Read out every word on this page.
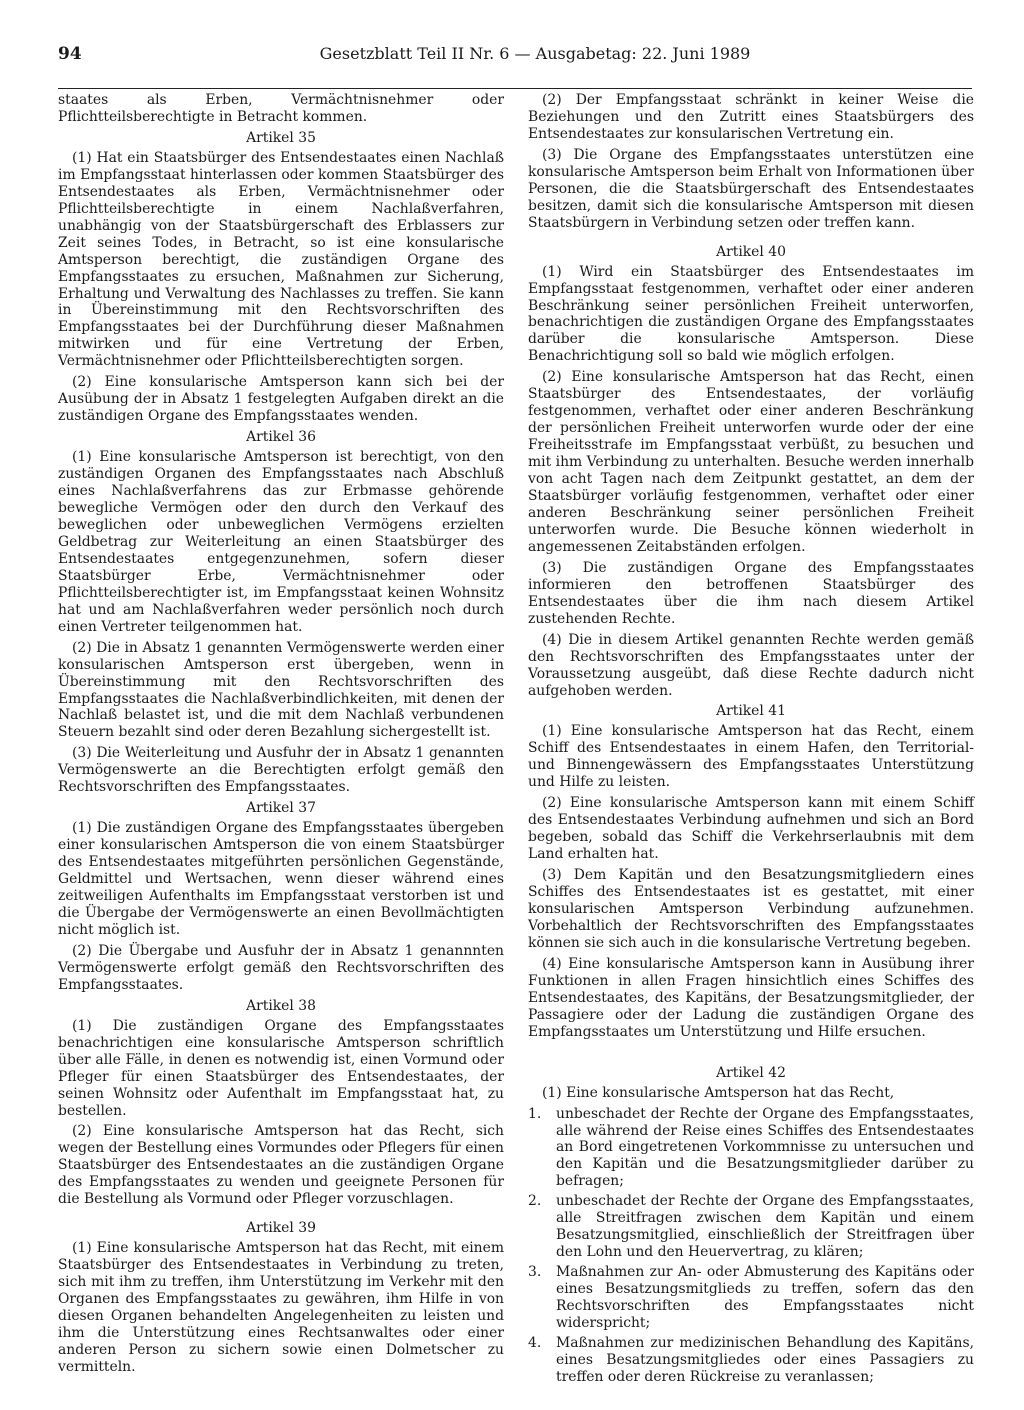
94	Gesetzblatt Teil II Nr. 6 — Ausgabetag: 22. Juni 1989

staates als Erben, Vermächtnisnehmer oder Pflichtteilsberechtigte in Betracht kommen.

Artikel 35

(1) Hat ein Staatsbürger des Entsendestaates einen Nachlaß im Empfangsstaat hinterlassen oder kommen Staatsbürger des Entsendestaates als Erben, Vermächtnisnehmer oder Pflichtteilsberechtigte in einem Nachlaßverfahren, unabhängig von der Staatsbürgerschaft des Erblassers zur Zeit seines Todes, in Betracht, so ist eine konsularische Amtsperson berechtigt, die zuständigen Organe des Empfangsstaates zu ersuchen, Maßnahmen zur Sicherung, Erhaltung und Verwaltung des Nachlasses zu treffen. Sie kann in Übereinstimmung mit den Rechtsvorschriften des Empfangsstaates bei der Durchführung dieser Maßnahmen mitwirken und für eine Vertretung der Erben, Vermächtnisnehmer oder Pflichtteilsberechtigten sorgen.

(2) Eine konsularische Amtsperson kann sich bei der Ausübung der in Absatz 1 festgelegten Aufgaben direkt an die zuständigen Organe des Empfangsstaates wenden.

Artikel 36

(1) Eine konsularische Amtsperson ist berechtigt, von den zuständigen Organen des Empfangsstaates nach Abschluß eines Nachlaßverfahrens das zur Erbmasse gehörende bewegliche Vermögen oder den durch den Verkauf des beweglichen oder unbeweglichen Vermögens erzielten Geldbetrag zur Weiterleitung an einen Staatsbürger des Entsendestaates entgegenzunehmen, sofern dieser Staatsbürger Erbe, Vermächtnisnehmer oder Pflichtteilsberechtigter ist, im Empfangsstaat keinen Wohnsitz hat und am Nachlaßverfahren weder persönlich noch durch einen Vertreter teilgenommen hat.

(2) Die in Absatz 1 genannten Vermögenswerte werden einer konsularischen Amtsperson erst übergeben, wenn in Übereinstimmung mit den Rechtsvorschriften des Empfangsstaates die Nachlaßverbindlichkeiten, mit denen der Nachlaß belastet ist, und die mit dem Nachlaß verbundenen Steuern bezahlt sind oder deren Bezahlung sichergestellt ist.

(3) Die Weiterleitung und Ausfuhr der in Absatz 1 genannten Vermögenswerte an die Berechtigten erfolgt gemäß den Rechtsvorschriften des Empfangsstaates.

Artikel 37

(1) Die zuständigen Organe des Empfangsstaates übergeben einer konsularischen Amtsperson die von einem Staatsbürger des Entsendestaates mitgeführten persönlichen Gegenstände, Geldmittel und Wertsachen, wenn dieser während eines zeitweiligen Aufenthalts im Empfangsstaat verstorben ist und die Übergabe der Vermögenswerte an einen Bevollmächtigten nicht möglich ist.

(2) Die Übergabe und Ausfuhr der in Absatz 1 genannnten Vermögenswerte erfolgt gemäß den Rechtsvorschriften des Empfangsstaates.

Artikel 38

(1) Die zuständigen Organe des Empfangsstaates benachrichtigen eine konsularische Amtsperson schriftlich über alle Fälle, in denen es notwendig ist, einen Vormund oder Pfleger für einen Staatsbürger des Entsendestaates, der seinen Wohnsitz oder Aufenthalt im Empfangsstaat hat, zu bestellen.

(2) Eine konsularische Amtsperson hat das Recht, sich wegen der Bestellung eines Vormundes oder Pflegers für einen Staatsbürger des Entsendestaates an die zuständigen Organe des Empfangsstaates zu wenden und geeignete Personen für die Bestellung als Vormund oder Pfleger vorzuschlagen.

Artikel 39

(1) Eine konsularische Amtsperson hat das Recht, mit einem Staatsbürger des Entsendestaates in Verbindung zu treten, sich mit ihm zu treffen, ihm Unterstützung im Verkehr mit den Organen des Empfangsstaates zu gewähren, ihm Hilfe in von diesen Organen behandelten Angelegenheiten zu leisten und ihm die Unterstützung eines Rechtsanwaltes oder einer anderen Person zu sichern sowie einen Dolmetscher zu vermitteln.

(2) Der Empfangsstaat schränkt in keiner Weise die Beziehungen und den Zutritt eines Staatsbürgers des Entsendestaates zur konsularischen Vertretung ein.

(3) Die Organe des Empfangsstaates unterstützen eine konsularische Amtsperson beim Erhalt von Informationen über Personen, die die Staatsbürgerschaft des Entsendestaates besitzen, damit sich die konsularische Amtsperson mit diesen Staatsbürgern in Verbindung setzen oder treffen kann.

Artikel 40

(1) Wird ein Staatsbürger des Entsendestaates im Empfangsstaat festgenommen, verhaftet oder einer anderen Beschränkung seiner persönlichen Freiheit unterworfen, benachrichtigen die zuständigen Organe des Empfangsstaates darüber die konsularische Amtsperson. Diese Benachrichtigung soll so bald wie möglich erfolgen.

(2) Eine konsularische Amtsperson hat das Recht, einen Staatsbürger des Entsendestaates, der vorläufig festgenommen, verhaftet oder einer anderen Beschränkung der persönlichen Freiheit unterworfen wurde oder der eine Freiheitsstrafe im Empfangsstaat verbüßt, zu besuchen und mit ihm Verbindung zu unterhalten. Besuche werden innerhalb von acht Tagen nach dem Zeitpunkt gestattet, an dem der Staatsbürger vorläufig festgenommen, verhaftet oder einer anderen Beschränkung seiner persönlichen Freiheit unterworfen wurde. Die Besuche können wiederholt in angemessenen Zeitabständen erfolgen.

(3) Die zuständigen Organe des Empfangsstaates informieren den betroffenen Staatsbürger des Entsendestaates über die ihm nach diesem Artikel zustehenden Rechte.

(4) Die in diesem Artikel genannten Rechte werden gemäß den Rechtsvorschriften des Empfangsstaates unter der Voraussetzung ausgeübt, daß diese Rechte dadurch nicht aufgehoben werden.

Artikel 41

(1) Eine konsularische Amtsperson hat das Recht, einem Schiff des Entsendestaates in einem Hafen, den Territorial- und Binnengewässern des Empfangsstaates Unterstützung und Hilfe zu leisten.

(2) Eine konsularische Amtsperson kann mit einem Schiff des Entsendestaates Verbindung aufnehmen und sich an Bord begeben, sobald das Schiff die Verkehrserlaubnis mit dem Land erhalten hat.

(3) Dem Kapitän und den Besatzungsmitgliedern eines Schiffes des Entsendestaates ist es gestattet, mit einer konsularischen Amtsperson Verbindung aufzunehmen. Vorbehaltlich der Rechtsvorschriften des Empfangsstaates können sie sich auch in die konsularische Vertretung begeben.

(4) Eine konsularische Amtsperson kann in Ausübung ihrer Funktionen in allen Fragen hinsichtlich eines Schiffes des Entsendestaates, des Kapitäns, der Besatzungsmitglieder, der Passagiere oder der Ladung die zuständigen Organe des Empfangsstaates um Unterstützung und Hilfe ersuchen.

Artikel 42

(1) Eine konsularische Amtsperson hat das Recht,

1.	unbeschadet der Rechte der Organe des Empfangsstaates, alle während der Reise eines Schiffes des Entsendestaates an Bord eingetretenen Vorkommnisse zu untersuchen und den Kapitän und die Besatzungsmitglieder darüber zu befragen;
2.	unbeschadet der Rechte der Organe des Empfangsstaates, alle Streitfragen zwischen dem Kapitän und einem Besatzungsmitglied, einschließlich der Streitfragen über den Lohn und den Heuervertrag, zu klären;
3.	Maßnahmen zur An- oder Abmusterung des Kapitäns oder eines Besatzungsmitglieds zu treffen, sofern das den Rechtsvorschriften des Empfangsstaates nicht widerspricht;
4.	Maßnahmen zur medizinischen Behandlung des Kapitäns, eines Besatzungsmitgliedes oder eines Passagiers zu treffen oder deren Rückreise zu veranlassen;
